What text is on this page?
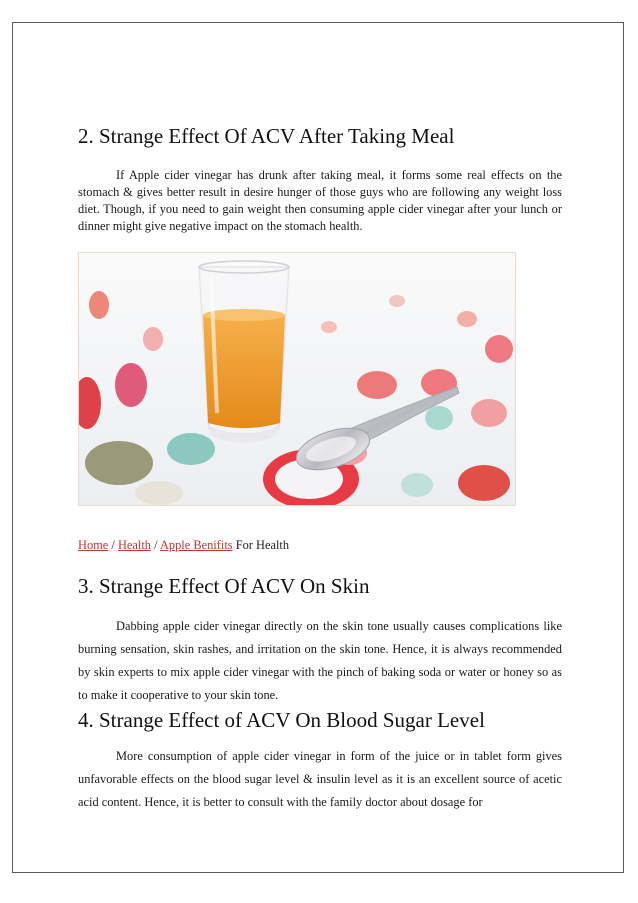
2. Strange Effect Of ACV After Taking Meal

If Apple cider vinegar has drunk after taking meal, it forms some real effects on the stomach & gives better result in desire hunger of those guys who are following any weight loss diet. Though, if you need to gain weight then consuming apple cider vinegar after your lunch or dinner might give negative impact on the stomach health.

Home / Health / Apple Benifits For Health
3. Strange Effect Of ACV On Skin

Dabbing apple cider vinegar directly on the skin tone usually causes complications like burning sensation, skin rashes, and irritation on the skin tone. Hence, it is always recommended by skin experts to mix apple cider vinegar with the pinch of baking soda or water or honey so as to make it cooperative to your skin tone.

4. Strange Effect of ACV On Blood Sugar Level

More consumption of apple cider vinegar in form of the juice or in tablet form gives unfavorable effects on the blood sugar level & insulin level as it is an excellent source of acetic acid content. Hence, it is better to consult with the family doctor about dosage for
